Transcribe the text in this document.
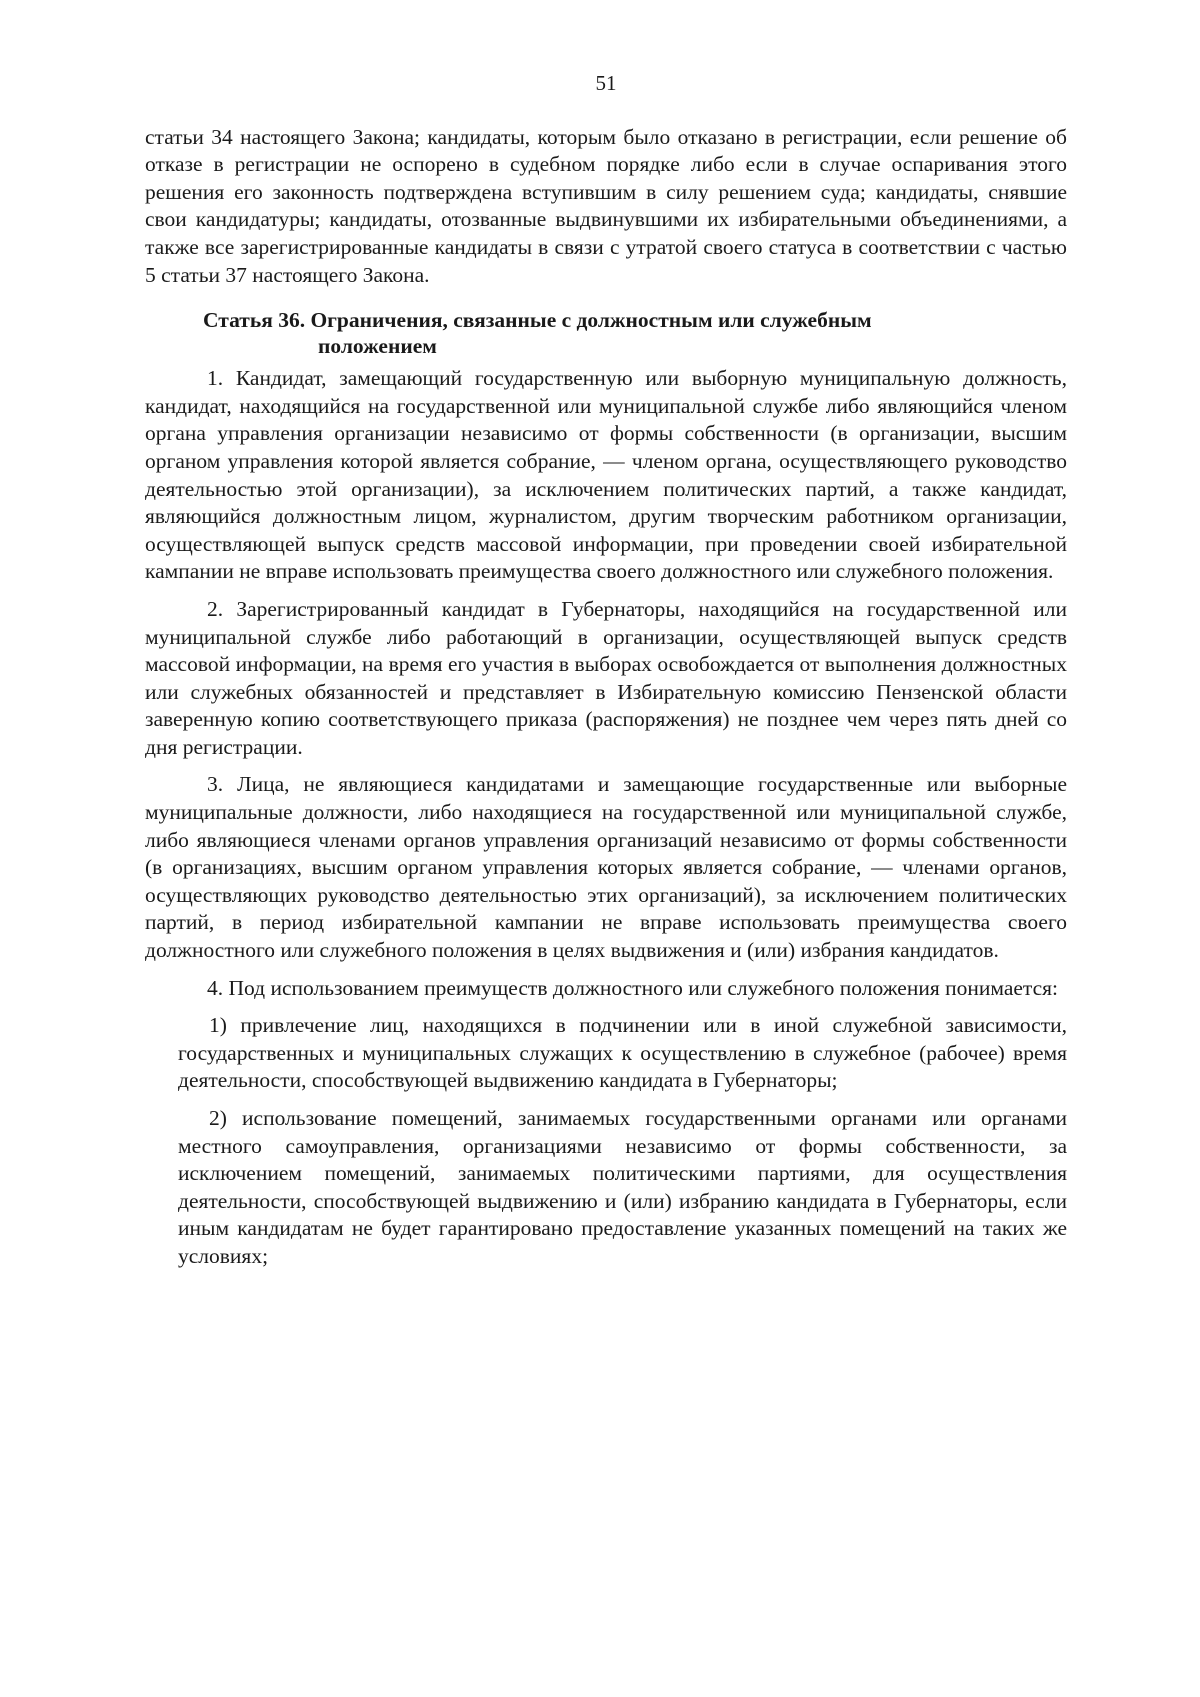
51

статьи 34 настоящего Закона; кандидаты, которым было отказано в регистрации, если решение об отказе в регистрации не оспорено в судебном порядке либо если в случае оспаривания этого решения его законность подтверждена вступившим в силу решением суда; кандидаты, снявшие свои кандидатуры; кандидаты, отозванные выдвинувшими их избирательными объединениями, а также все зарегистрированные кандидаты в связи с утратой своего статуса в соответствии с частью 5 статьи 37 настоящего Закона.

Статья 36. Ограничения, связанные с должностным или служебным
положением

1. Кандидат, замещающий государственную или выборную муниципальную должность, кандидат, находящийся на государственной или муниципальной службе либо являющийся членом органа управления организации независимо от формы собственности (в организации, высшим органом управления которой является собрание, — членом органа, осуществляющего руководство деятельностью этой организации), за исключением политических партий, а также кандидат, являющийся должностным лицом, журналистом, другим творческим работником организации, осуществляющей выпуск средств массовой информации, при проведении своей избирательной кампании не вправе использовать преимущества своего должностного или служебного положения.

2. Зарегистрированный кандидат в Губернаторы, находящийся на государственной или муниципальной службе либо работающий в организации, осуществляющей выпуск средств массовой информации, на время его участия в выборах освобождается от выполнения должностных или служебных обязанностей и представляет в Избирательную комиссию Пензенской области заверенную копию соответствующего приказа (распоряжения) не позднее чем через пять дней со дня регистрации.

3. Лица, не являющиеся кандидатами и замещающие государственные или выборные муниципальные должности, либо находящиеся на государственной или муниципальной службе, либо являющиеся членами органов управления организаций независимо от формы собственности (в организациях, высшим органом управления которых является собрание, — членами органов, осуществляющих руководство деятельностью этих организаций), за исключением политических партий, в период избирательной кампании не вправе использовать преимущества своего должностного или служебного положения в целях выдвижения и (или) избрания кандидатов.

4. Под использованием преимуществ должностного или служебного положения понимается:

1) привлечение лиц, находящихся в подчинении или в иной служебной зависимости, государственных и муниципальных служащих к осуществлению в служебное (рабочее) время деятельности, способствующей выдвижению кандидата в Губернаторы;

2) использование помещений, занимаемых государственными органами или органами местного самоуправления, организациями независимо от формы собственности, за исключением помещений, занимаемых политическими партиями, для осуществления деятельности, способствующей выдвижению и (или) избранию кандидата в Губернаторы, если иным кандидатам не будет гарантировано предоставление указанных помещений на таких же условиях;
